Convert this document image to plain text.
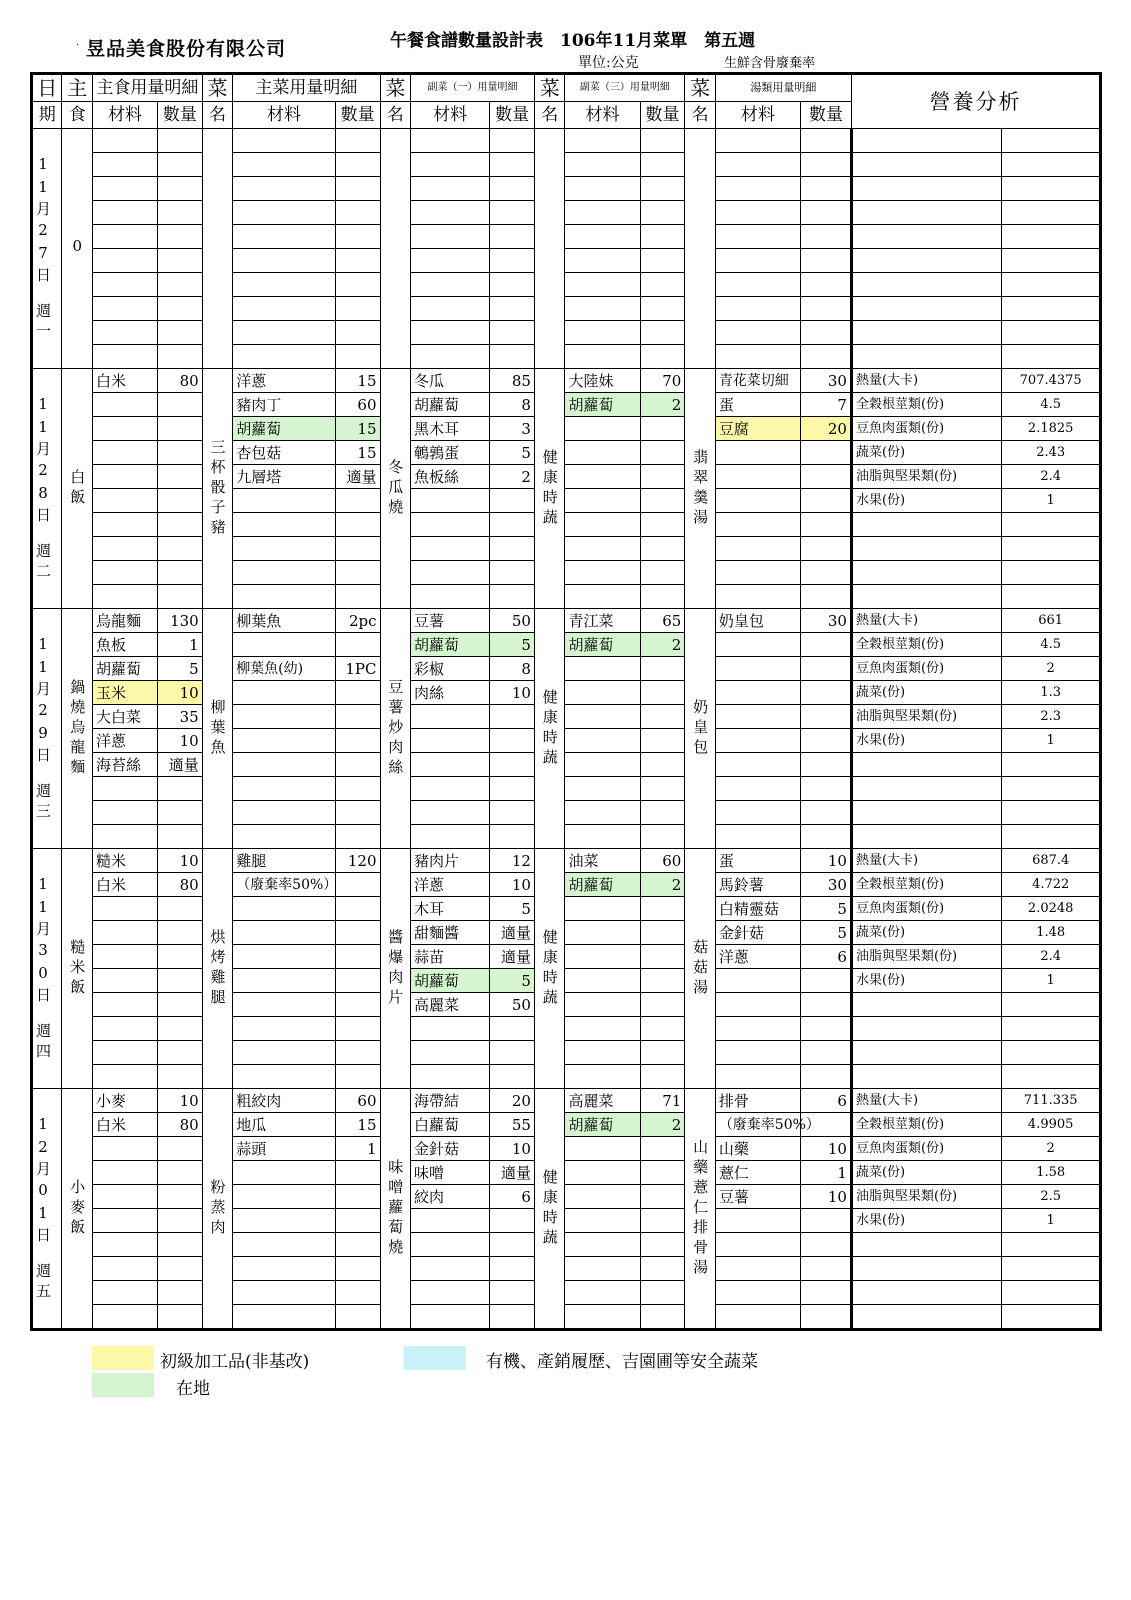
· 昱品美食股份有限公司	午餐食譜數量設計表　106年11月菜單　第五週
單位:公克	生鮮含骨廢棄率
日	主	主食用量明細		菜	主菜用量明細		菜	副菜（一）用量明細		菜	副菜（三）用量明細		菜	湯類用量明細		營養分析	
期	食	材料	數量	名	材料	數量	名	材料	數量	名	材料	數量	名	材料	數量		
11月27日週一	0																

11月28日週二	白飯	白米	80	三杯骰子豬	洋蔥	15	冬瓜燒	冬瓜	85	健康時蔬	大陸妹	70	翡翠羹湯	青花菜切細	30	熱量(大卡)	707.4375
					豬肉丁	60		胡蘿蔔	8		胡蘿蔔	2		蛋	7	全穀根莖類(份)	4.5
					胡蘿蔔	15		黑木耳	3					豆腐	20	豆魚肉蛋類(份)	2.1825
					杏包菇	15		鵪鶉蛋	5							蔬菜(份)	2.43
					九層塔	適量		魚板絲	2							油脂與堅果類(份)	2.4
																水果(份)	1

11月29日週三	鍋燒烏龍麵	烏龍麵	130	柳葉魚	柳葉魚	2pc	豆薯炒肉絲	豆薯	50	健康時蔬	青江菜	65	奶皇包	奶皇包	30	熱量(大卡)	661
		魚板	1					胡蘿蔔	5		胡蘿蔔	2				全穀根莖類(份)	4.5
		胡蘿蔔	5		柳葉魚(幼)	1PC		彩椒	8							豆魚肉蛋類(份)	2
		玉米	10					肉絲	10							蔬菜(份)	1.3
		大白菜	35													油脂與堅果類(份)	2.3
		洋蔥	10													水果(份)	1
		海苔絲	適量														

11月30日週四	糙米飯	糙米	10	烘烤雞腿	雞腿	120	醬爆肉片	豬肉片	12	健康時蔬	油菜	60	菇菇湯	蛋	10	熱量(大卡)	687.4
		白米	80		（廢棄率50%）			洋蔥	10		胡蘿蔔	2		馬鈴薯	30	全穀根莖類(份)	4.722
								木耳	5					白精靈菇	5	豆魚肉蛋類(份)	2.0248
								甜麵醬	適量					金針菇	5	蔬菜(份)	1.48
								蒜苗	適量					洋蔥	6	油脂與堅果類(份)	2.4
								胡蘿蔔	5							水果(份)	1
								高麗菜	50								

12月01日週五	小麥飯	小麥	10	粉蒸肉	粗絞肉	60	味噌蘿蔔燒	海帶結	20	健康時蔬	高麗菜	71	山藥薏仁排骨湯	排骨	6	熱量(大卡)	711.335
		白米	80		地瓜	15		白蘿蔔	55		胡蘿蔔	2		（廢棄率50%）		全穀根莖類(份)	4.9905
					蒜頭	1		金針菇	10					山藥	10	豆魚肉蛋類(份)	2
								味噌	適量					薏仁	1	蔬菜(份)	1.58
								絞肉	6					豆薯	10	油脂與堅果類(份)	2.5
																水果(份)	1

初級加工品(非基改)	有機、產銷履歷、吉園圃等安全蔬菜
在地
